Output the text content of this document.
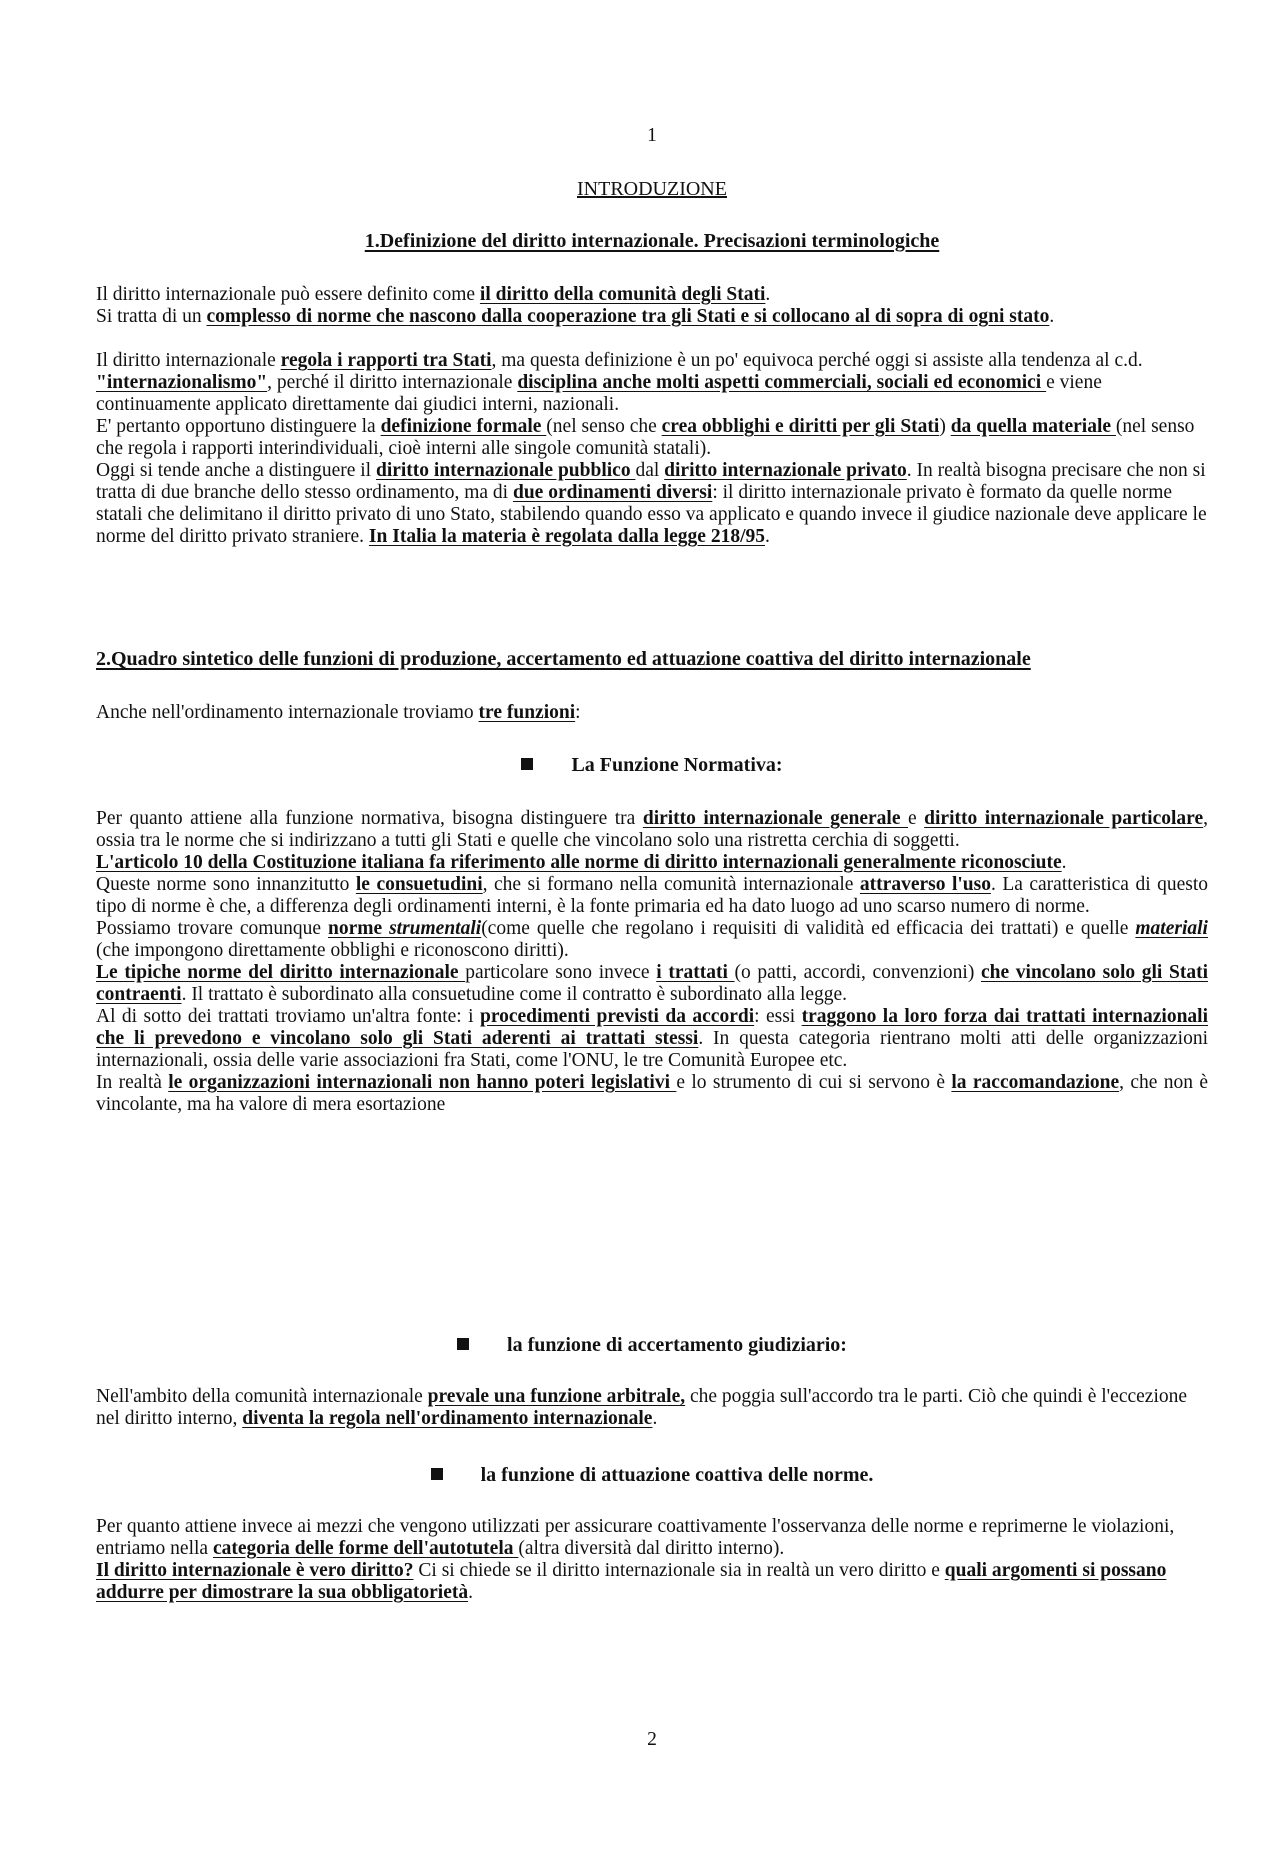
1
INTRODUZIONE
1.Definizione del diritto internazionale. Precisazioni terminologiche
Il diritto internazionale può essere definito come il diritto della comunità degli Stati.
Si tratta di un complesso di norme che nascono dalla cooperazione tra gli Stati e si collocano al di sopra di ogni stato.
Il diritto internazionale regola i rapporti tra Stati, ma questa definizione è un po' equivoca perché oggi si assiste alla tendenza al c.d. "internazionalismo", perché il diritto internazionale disciplina anche molti aspetti commerciali, sociali ed economici e viene continuamente applicato direttamente dai giudici interni, nazionali.
E' pertanto opportuno distinguere la definizione formale (nel senso che crea obblighi e diritti per gli Stati) da quella materiale (nel senso che regola i rapporti interindividuali, cioè interni alle singole comunità statali).
Oggi si tende anche a distinguere il diritto internazionale pubblico dal diritto internazionale privato. In realtà bisogna precisare che non si tratta di due branche dello stesso ordinamento, ma di due ordinamenti diversi: il diritto internazionale privato è formato da quelle norme statali che delimitano il diritto privato di uno Stato, stabilendo quando esso va applicato e quando invece il giudice nazionale deve applicare le norme del diritto privato straniere. In Italia la materia è regolata dalla legge 218/95.
2.Quadro sintetico delle funzioni di produzione, accertamento ed attuazione coattiva del diritto internazionale
Anche nell'ordinamento internazionale troviamo tre funzioni:
La Funzione Normativa:
Per quanto attiene alla funzione normativa, bisogna distinguere tra diritto internazionale generale e diritto internazionale particolare, ossia tra le norme che si indirizzano a tutti gli Stati e quelle che vincolano solo una ristretta cerchia di soggetti.
L'articolo 10 della Costituzione italiana fa riferimento alle norme di diritto internazionali generalmente riconosciute.
Queste norme sono innanzitutto le consuetudini, che si formano nella comunità internazionale attraverso l'uso. La caratteristica di questo tipo di norme è che, a differenza degli ordinamenti interni, è la fonte primaria ed ha dato luogo ad uno scarso numero di norme.
Possiamo trovare comunque norme strumentali(come quelle che regolano i requisiti di validità ed efficacia dei trattati) e quelle materiali (che impongono direttamente obblighi e riconoscono diritti).
Le tipiche norme del diritto internazionale particolare sono invece i trattati (o patti, accordi, convenzioni) che vincolano solo gli Stati contraenti. Il trattato è subordinato alla consuetudine come il contratto è subordinato alla legge.
Al di sotto dei trattati troviamo un'altra fonte: i procedimenti previsti da accordi: essi traggono la loro forza dai trattati internazionali che li prevedono e vincolano solo gli Stati aderenti ai trattati stessi. In questa categoria rientrano molti atti delle organizzazioni internazionali, ossia delle varie associazioni fra Stati, come l'ONU, le tre Comunità Europee etc.
In realtà le organizzazioni internazionali non hanno poteri legislativi e lo strumento di cui si servono è la raccomandazione, che non è vincolante, ma ha valore di mera esortazione
la funzione di accertamento giudiziario:
Nell'ambito della comunità internazionale prevale una funzione arbitrale, che poggia sull'accordo tra le parti. Ciò che quindi è l'eccezione nel diritto interno, diventa la regola nell'ordinamento internazionale.
la funzione di attuazione coattiva delle norme.
Per quanto attiene invece ai mezzi che vengono utilizzati per assicurare coattivamente l'osservanza delle norme e reprimerne le violazioni, entriamo nella categoria delle forme dell'autotutela (altra diversità dal diritto interno).
Il diritto internazionale è vero diritto? Ci si chiede se il diritto internazionale sia in realtà un vero diritto e quali argomenti si possano addurre per dimostrare la sua obbligatorietà.
2
